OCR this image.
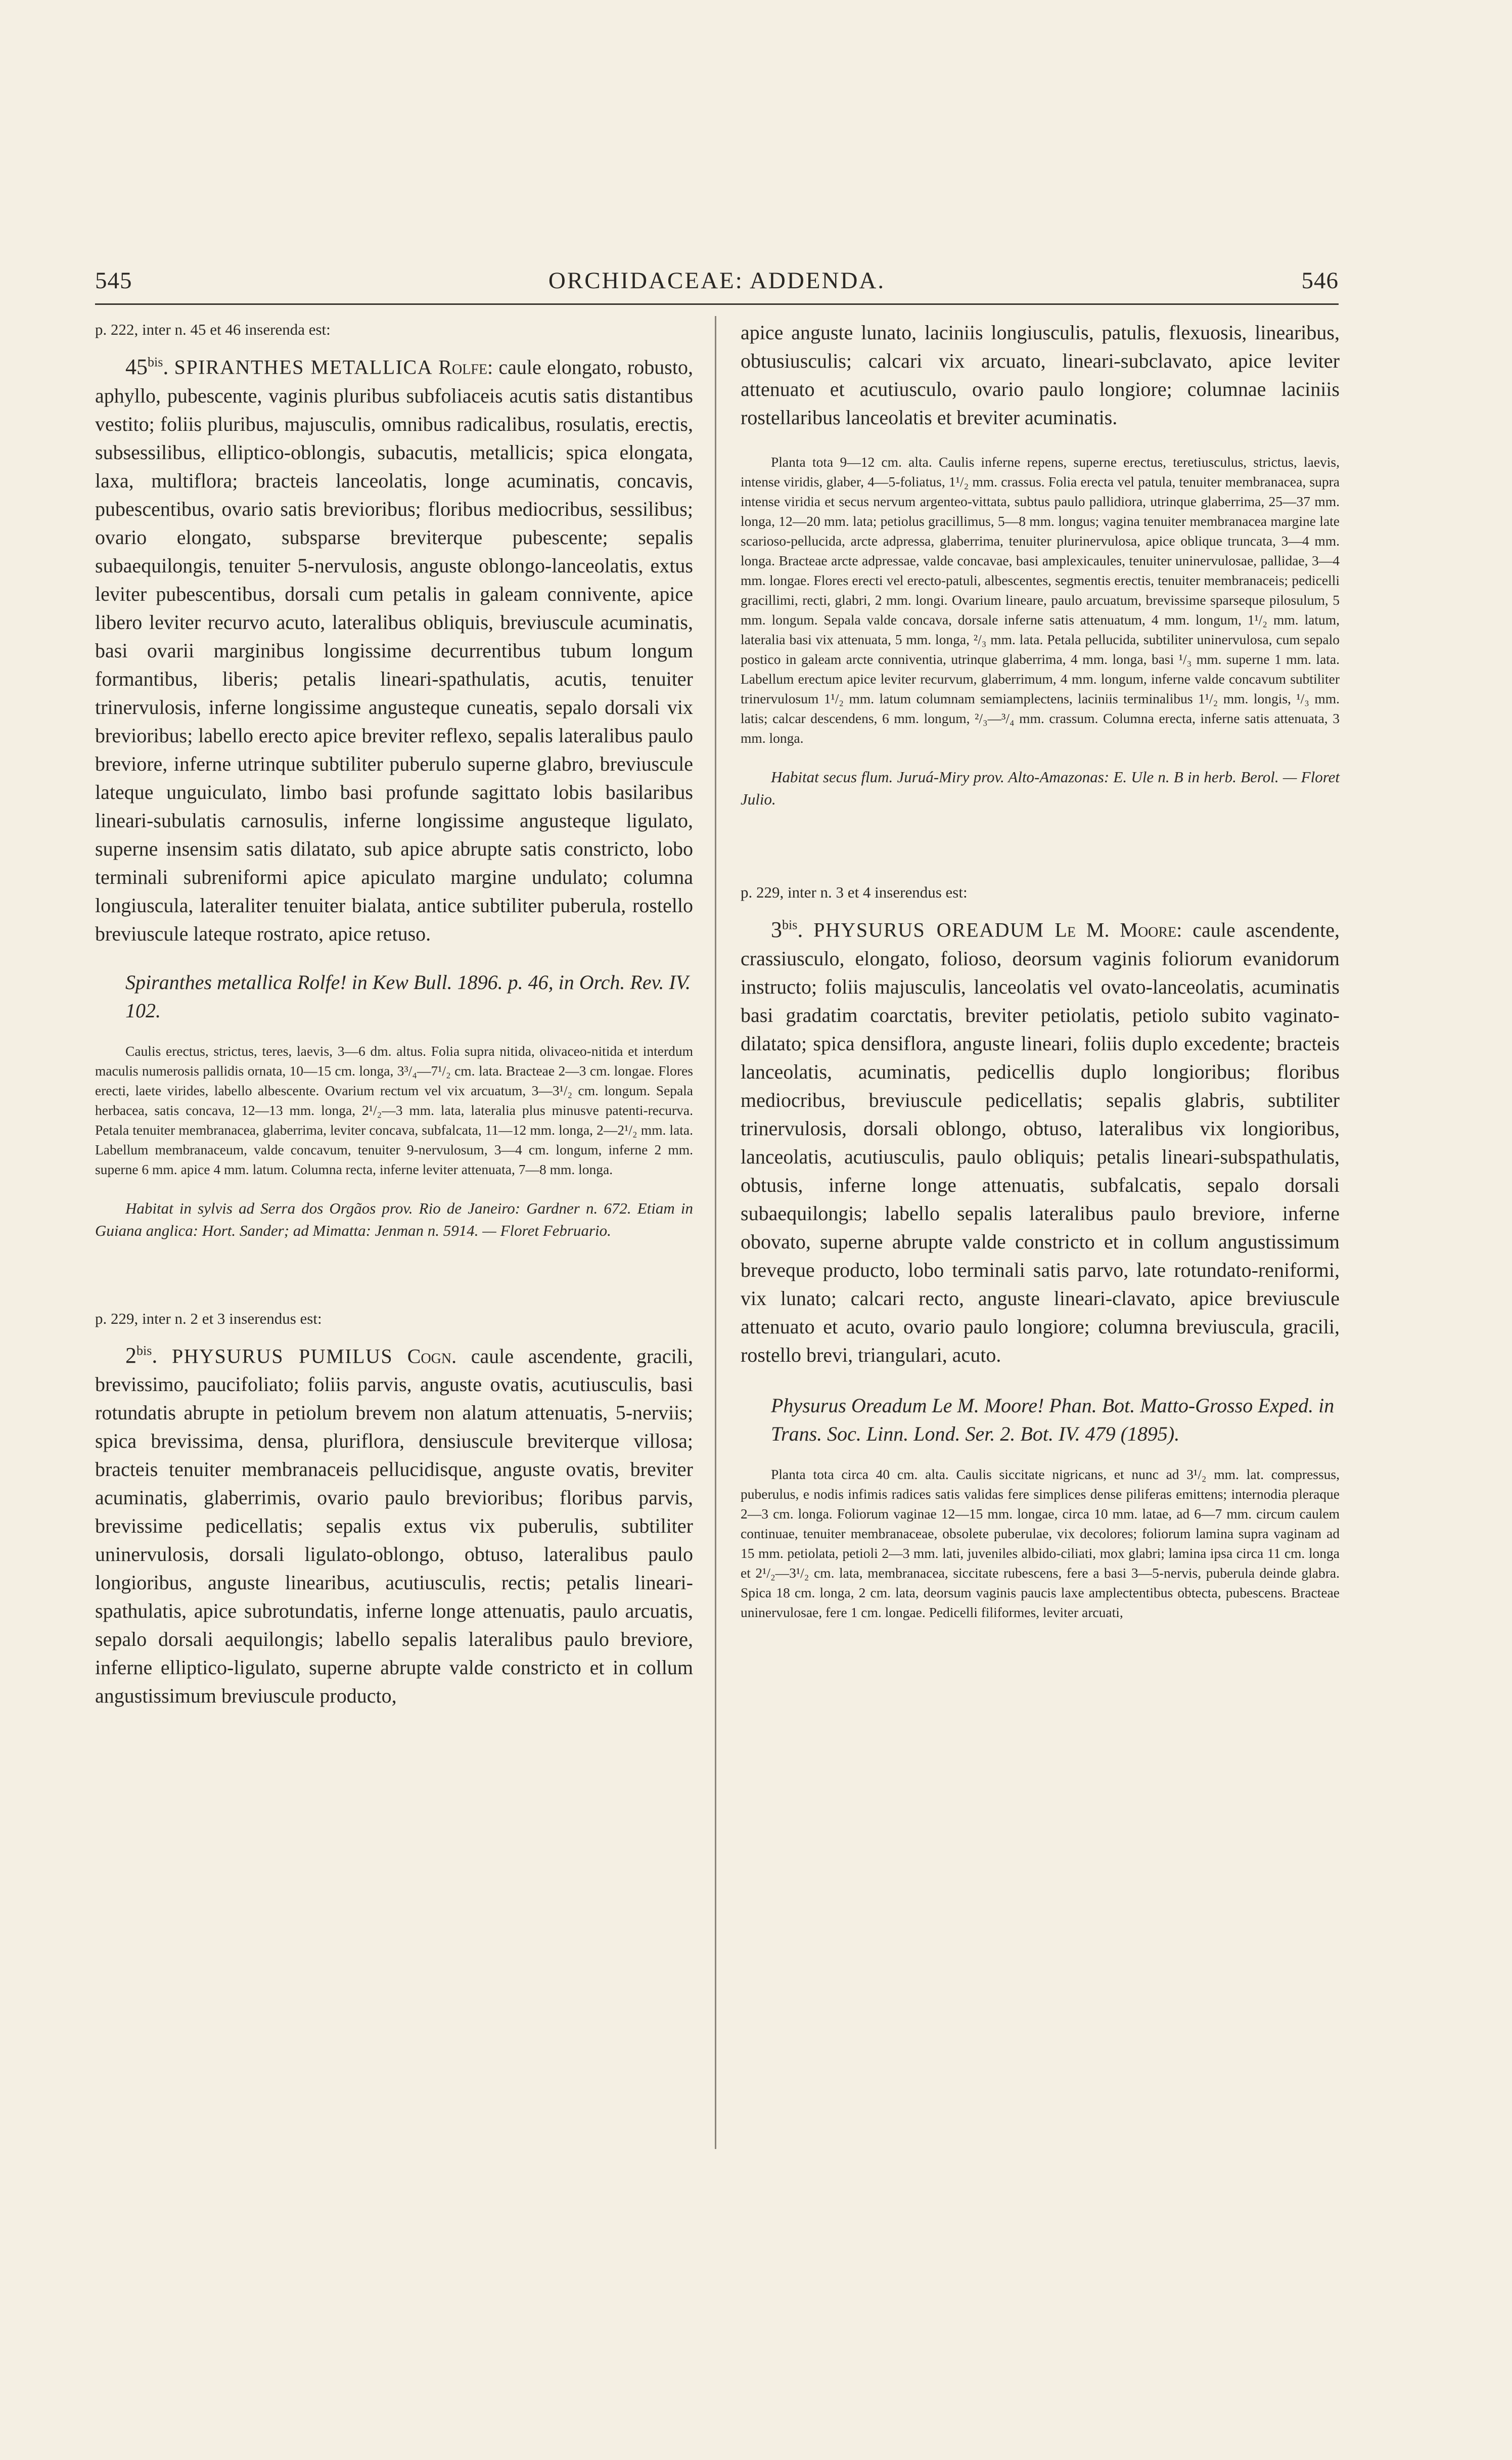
545	ORCHIDACEAE: ADDENDA.	546

p. 222, inter n. 45 et 46 inserenda est:

$45^{bis}$. SPIRANTHES METALLICA Rolfe: caule elongato, robusto, aphyllo, pubescente, vaginis pluribus subfoliaceis acutis satis distantibus vestito; foliis pluribus, majusculis, omnibus radicalibus, rosulatis, erectis, subsessilibus, elliptico-oblongis, subacutis, metallicis; spica elongata, laxa, multiflora; bracteis lanceolatis, longe acuminatis, concavis, pubescentibus, ovario satis brevioribus; floribus mediocribus, sessilibus; ovario elongato, subsparse breviterque pubescente; sepalis subaequilongis, tenuiter 5-nervulosis, anguste oblongo-lanceolatis, extus leviter pubescentibus, dorsali cum petalis in galeam connivente, apice libero leviter recurvo acuto, lateralibus obliquis, breviuscule acuminatis, basi ovarii marginibus longissime decurrentibus tubum longum formantibus, liberis; petalis lineari-spathulatis, acutis, tenuiter trinervulosis, inferne longissime angusteque cuneatis, sepalo dorsali vix brevioribus; labello erecto apice breviter reflexo, sepalis lateralibus paulo breviore, inferne utrinque subtiliter puberulo superne glabro, breviuscule lateque unguiculato, limbo basi profunde sagittato lobis basilaribus lineari-subulatis carnosulis, inferne longissime angusteque ligulato, superne insensim satis dilatato, sub apice abrupte satis constricto, lobo terminali subreniformi apice apiculato margine undulato; columna longiuscula, lateraliter tenuiter bialata, antice subtiliter puberula, rostello breviuscule lateque rostrato, apice retuso.

Spiranthes metallica Rolfe! in Kew Bull. 1896. p. 46, in Orch. Rev. IV. 102.

Caulis erectus, strictus, teres, laevis, 3—6 dm. altus. Folia supra nitida, olivaceo-nitida et interdum maculis numerosis pallidis ornata, 10—15 cm. longa, 3³/₄—7¹/₂ cm. lata. Bracteae 2—3 cm. longae. Flores erecti, laete virides, labello albescente. Ovarium rectum vel vix arcuatum, 3—3¹/₂ cm. longum. Sepala herbacea, satis concava, 12—13 mm. longa, 2¹/₂—3 mm. lata, lateralia plus minusve patenti-recurva. Petala tenuiter membranacea, glaberrima, leviter concava, subfalcata, 11—12 mm. longa, 2—2¹/₂ mm. lata. Labellum membranaceum, valde concavum, tenuiter 9-nervulosum, 3—4 cm. longum, inferne 2 mm. superne 6 mm. apice 4 mm. latum. Columna recta, inferne leviter attenuata, 7—8 mm. longa.

Habitat in sylvis ad Serra dos Orgãos prov. Rio de Janeiro: Gardner n. 672. Etiam in Guiana anglica: Hort. Sander; ad Mimatta: Jenman n. 5914. — Floret Februario.

p. 229, inter n. 2 et 3 inserendus est:

$2^{bis}$. PHYSURUS PUMILUS Cogn. caule ascendente, gracili, brevissimo, paucifoliato; foliis parvis, anguste ovatis, acutiusculis, basi rotundatis abrupte in petiolum brevem non alatum attenuatis, 5-nerviis; spica brevissima, densa, pluriflora, densiuscule breviterque villosa; bracteis tenuiter membranaceis pellucidisque, anguste ovatis, breviter acuminatis, glaberrimis, ovario paulo brevioribus; floribus parvis, brevissime pedicellatis; sepalis extus vix puberulis, subtiliter uninervulosis, dorsali ligulato-oblongo, obtuso, lateralibus paulo longioribus, anguste linearibus, acutiusculis, rectis; petalis lineari-spathulatis, apice subrotundatis, inferne longe attenuatis, paulo arcuatis, sepalo dorsali aequilongis; labello sepalis lateralibus paulo breviore, inferne elliptico-ligulato, superne abrupte valde constricto et in collum angustissimum breviuscule producto,

apice anguste lunato, laciniis longiusculis, patulis, flexuosis, linearibus, obtusiusculis; calcari vix arcuato, lineari-subclavato, apice leviter attenuato et acutiusculo, ovario paulo longiore; columnae laciniis rostellaribus lanceolatis et breviter acuminatis.

Planta tota 9—12 cm. alta. Caulis inferne repens, superne erectus, teretiusculus, strictus, laevis, intense viridis, glaber, 4—5-foliatus, 1¹/₂ mm. crassus. Folia erecta vel patula, tenuiter membranacea, supra intense viridia et secus nervum argenteo-vittata, subtus paulo pallidiora, utrinque glaberrima, 25—37 mm. longa, 12—20 mm. lata; petiolus gracillimus, 5—8 mm. longus; vagina tenuiter membranacea margine late scarioso-pellucida, arcte adpressa, glaberrima, tenuiter plurinervulosa, apice oblique truncata, 3—4 mm. longa. Bracteae arcte adpressae, valde concavae, basi amplexicaules, tenuiter uninervulosae, pallidae, 3—4 mm. longae. Flores erecti vel erecto-patuli, albescentes, segmentis erectis, tenuiter membranaceis; pedicelli gracillimi, recti, glabri, 2 mm. longi. Ovarium lineare, paulo arcuatum, brevissime sparseque pilosulum, 5 mm. longum. Sepala valde concava, dorsale inferne satis attenuatum, 4 mm. longum, 1¹/₂ mm. latum, lateralia basi vix attenuata, 5 mm. longa, ²/₃ mm. lata. Petala pellucida, subtiliter uninervulosa, cum sepalo postico in galeam arcte conniventia, utrinque glaberrima, 4 mm. longa, basi ¹/₃ mm. superne 1 mm. lata. Labellum erectum apice leviter recurvum, glaberrimum, 4 mm. longum, inferne valde concavum subtiliter trinervulosum 1¹/₂ mm. latum columnam semiamplectens, laciniis terminalibus 1¹/₂ mm. longis, ¹/₃ mm. latis; calcar descendens, 6 mm. longum, ²/₃—³/₄ mm. crassum. Columna erecta, inferne satis attenuata, 3 mm. longa.

Habitat secus flum. Juruá-Miry prov. Alto-Amazonas: E. Ule n. B in herb. Berol. — Floret Julio.

p. 229, inter n. 3 et 4 inserendus est:

$3^{bis}$. PHYSURUS OREADUM Le M. Moore: caule ascendente, crassiusculo, elongato, folioso, deorsum vaginis foliorum evanidorum instructo; foliis majusculis, lanceolatis vel ovato-lanceolatis, acuminatis basi gradatim coarctatis, breviter petiolatis, petiolo subito vaginato-dilatato; spica densiflora, anguste lineari, foliis duplo excedente; bracteis lanceolatis, acuminatis, pedicellis duplo longioribus; floribus mediocribus, breviuscule pedicellatis; sepalis glabris, subtiliter trinervulosis, dorsali oblongo, obtuso, lateralibus vix longioribus, lanceolatis, acutiusculis, paulo obliquis; petalis lineari-subspathulatis, obtusis, inferne longe attenuatis, subfalcatis, sepalo dorsali subaequilongis; labello sepalis lateralibus paulo breviore, inferne obovato, superne abrupte valde constricto et in collum angustissimum breveque producto, lobo terminali satis parvo, late rotundato-reniformi, vix lunato; calcari recto, anguste lineari-clavato, apice breviuscule attenuato et acuto, ovario paulo longiore; columna breviuscula, gracili, rostello brevi, triangulari, acuto.

Physurus Oreadum Le M. Moore! Phan. Bot. Matto-Grosso Exped. in Trans. Soc. Linn. Lond. Ser. 2. Bot. IV. 479 (1895).

Planta tota circa 40 cm. alta. Caulis siccitate nigricans, et nunc ad 3¹/₂ mm. lat. compressus, puberulus, e nodis infimis radices satis validas fere simplices dense piliferas emittens; internodia pleraque 2—3 cm. longa. Foliorum vaginae 12—15 mm. longae, circa 10 mm. latae, ad 6—7 mm. circum caulem continuae, tenuiter membranaceae, obsolete puberulae, vix decolores; foliorum lamina supra vaginam ad 15 mm. petiolata, petioli 2—3 mm. lati, juveniles albido-ciliati, mox glabri; lamina ipsa circa 11 cm. longa et 2¹/₂—3¹/₂ cm. lata, membranacea, siccitate rubescens, fere a basi 3—5-nervis, puberula deinde glabra. Spica 18 cm. longa, 2 cm. lata, deorsum vaginis paucis laxe amplectentibus obtecta, pubescens. Bracteae uninervulosae, fere 1 cm. longae. Pedicelli filiformes, leviter arcuati,
